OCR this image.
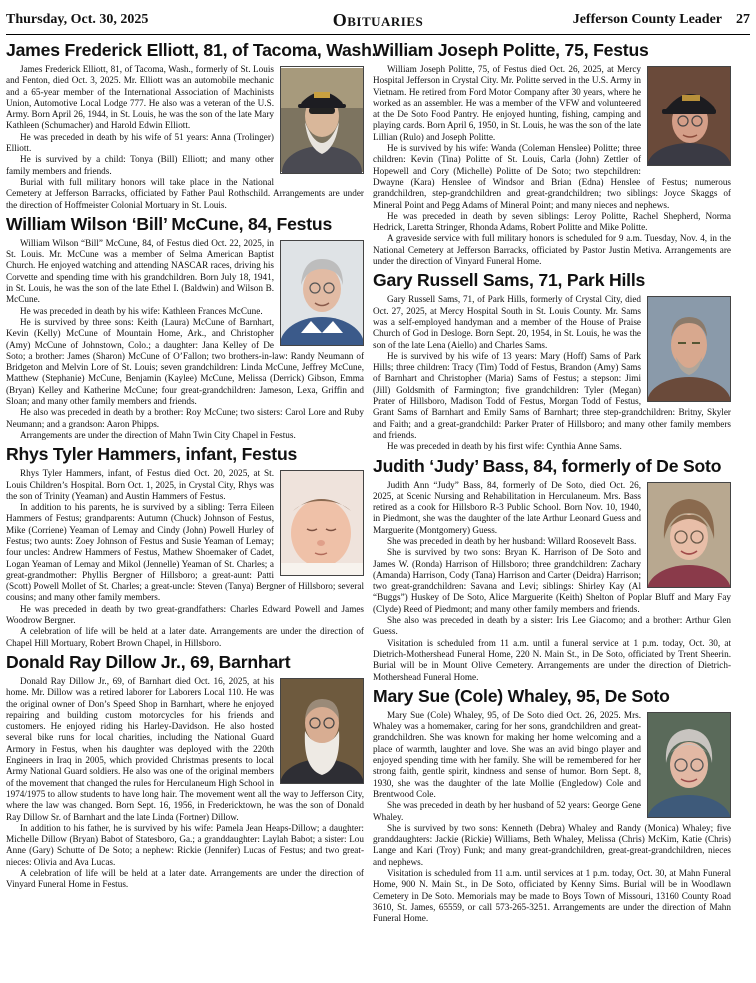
Thursday, Oct. 30, 2025	Obituaries	Jefferson County Leader 27
James Frederick Elliott, 81, of Tacoma, Wash.

James Frederick Elliott, 81, of Tacoma, Wash., formerly of St. Louis and Fenton, died Oct. 3, 2025. Mr. Elliott was an automobile mechanic and a 65-year member of the International Association of Machinists Union, Automotive Local Lodge 777. He also was a veteran of the U.S. Army. Born April 26, 1944, in St. Louis, he was the son of the late Mary Kathleen (Schumacher) and Harold Edwin Elliott.

He was preceded in death by his wife of 51 years: Anna (Trolinger) Elliott.

He is survived by a child: Tonya (Bill) Elliott; and many other family members and friends.

Burial with full military honors will take place in the National Cemetery at Jefferson Barracks, officiated by Father Paul Rothschild. Arrangements are under the direction of Hoffmeister Colonial Mortuary in St. Louis.

William Wilson ‘Bill’ McCune, 84, Festus

William Wilson “Bill” McCune, 84, of Festus died Oct. 22, 2025, in St. Louis. Mr. McCune was a member of Selma American Baptist Church. He enjoyed watching and attending NASCAR races, driving his Corvette and spending time with his grandchildren. Born July 18, 1941, in St. Louis, he was the son of the late Ethel I. (Baldwin) and Wilson B. McCune.

He was preceded in death by his wife: Kathleen Frances McCune.

He is survived by three sons: Keith (Laura) McCune of Barnhart, Kevin (Kelly) McCune of Mountain Home, Ark., and Christopher (Amy) McCune of Johnstown, Colo.; a daughter: Jana Kelley of De Soto; a brother: James (Sharon) McCune of O’Fallon; two brothers-in-law: Randy Neumann of Bridgeton and Melvin Lore of St. Louis; seven grandchildren: Linda McCune, Jeffrey McCune, Matthew (Stephanie) McCune, Benjamin (Kaylee) McCune, Melissa (Derrick) Gibson, Emma (Bryan) Kelley and Katherine McCune; four great-grandchildren: Jameson, Lexa, Griffin and Sloan; and many other family members and friends.

He also was preceded in death by a brother: Roy McCune; two sisters: Carol Lore and Ruby Neumann; and a grandson: Aaron Phipps.

Arrangements are under the direction of Mahn Twin City Chapel in Festus.

Rhys Tyler Hammers, infant, Festus

Rhys Tyler Hammers, infant, of Festus died Oct. 20, 2025, at St. Louis Children’s Hospital. Born Oct. 1, 2025, in Crystal City, Rhys was the son of Trinity (Yeaman) and Austin Hammers of Festus.

In addition to his parents, he is survived by a sibling: Terra Eileen Hammers of Festus; grandparents: Autumn (Chuck) Johnson of Festus, Mike (Corriene) Yeaman of Lemay and Cindy (John) Powell Hurley of Festus; two aunts: Zoey Johnson of Festus and Susie Yeaman of Lemay; four uncles: Andrew Hammers of Festus, Mathew Shoemaker of Cadet, Logan Yeaman of Lemay and Mikol (Jennelle) Yeaman of St. Charles; a great-grandmother: Phyllis Bergner of Hillsboro; a great-aunt: Patti (Scott) Powell Mollet of St. Charles; a great-uncle: Steven (Tanya) Bergner of Hillsboro; several cousins; and many other family members.

He was preceded in death by two great-grandfathers: Charles Edward Powell and James Woodrow Bergner.

A celebration of life will be held at a later date. Arrangements are under the direction of Chapel Hill Mortuary, Robert Brown Chapel, in Hillsboro.

Donald Ray Dillow Jr., 69, Barnhart

Donald Ray Dillow Jr., 69, of Barnhart died Oct. 16, 2025, at his home. Mr. Dillow was a retired laborer for Laborers Local 110. He was the original owner of Don’s Speed Shop in Barnhart, where he enjoyed repairing and building custom motorcycles for his friends and customers. He enjoyed riding his Harley-Davidson. He also hosted several bike runs for local charities, including the National Guard Armory in Festus, when his daughter was deployed with the 220th Engineers in Iraq in 2005, which provided Christmas presents to local Army National Guard soldiers. He also was one of the original members of the movement that changed the rules for Herculaneum High School in 1974/1975 to allow students to have long hair. The movement went all the way to Jefferson City, where the law was changed. Born Sept. 16, 1956, in Fredericktown, he was the son of Donald Ray Dillow Sr. of Barnhart and the late Linda (Fortner) Dillow.

In addition to his father, he is survived by his wife: Pamela Jean Heaps-Dillow; a daughter: Michelle Dillow (Bryan) Babot of Statesboro, Ga.; a granddaughter: Laylah Babot; a sister: Lou Anne (Gary) Schutte of De Soto; a nephew: Rickie (Jennifer) Lucas of Festus; and two great-nieces: Olivia and Ava Lucas.

A celebration of life will be held at a later date. Arrangements are under the direction of Vinyard Funeral Home in Festus.

William Joseph Politte, 75, Festus

William Joseph Politte, 75, of Festus died Oct. 26, 2025, at Mercy Hospital Jefferson in Crystal City. Mr. Politte served in the U.S. Army in Vietnam. He retired from Ford Motor Company after 30 years, where he worked as an assembler. He was a member of the VFW and volunteered at the De Soto Food Pantry. He enjoyed hunting, fishing, camping and playing cards. Born April 6, 1950, in St. Louis, he was the son of the late Lillian (Rulo) and Joseph Politte.

He is survived by his wife: Wanda (Coleman Henslee) Politte; three children: Kevin (Tina) Politte of St. Louis, Carla (John) Zettler of Hopewell and Cory (Michelle) Politte of De Soto; two stepchildren: Dwayne (Kara) Henslee of Windsor and Brian (Edna) Henslee of Festus; numerous grandchildren, step-grandchildren and great-grandchildren; two siblings: Joyce Skaggs of Mineral Point and Pegg Adams of Mineral Point; and many nieces and nephews.

He was preceded in death by seven siblings: Leroy Politte, Rachel Shepherd, Norma Hedrick, Laretta Stringer, Rhonda Adams, Robert Politte and Mike Politte.

A graveside service with full military honors is scheduled for 9 a.m. Tuesday, Nov. 4, in the National Cemetery at Jefferson Barracks, officiated by Pastor Justin Metiva. Arrangements are under the direction of Vinyard Funeral Home.

Gary Russell Sams, 71, Park Hills

Gary Russell Sams, 71, of Park Hills, formerly of Crystal City, died Oct. 27, 2025, at Mercy Hospital South in St. Louis County. Mr. Sams was a self-employed handyman and a member of the House of Praise Church of God in Desloge. Born Sept. 20, 1954, in St. Louis, he was the son of the late Lena (Aiello) and Charles Sams.

He is survived by his wife of 13 years: Mary (Hoff) Sams of Park Hills; three children: Tracy (Tim) Todd of Festus, Brandon (Amy) Sams of Barnhart and Christopher (Maria) Sams of Festus; a stepson: Jimi (Jill) Goldsmith of Farmington; five grandchildren: Tyler (Megan) Prater of Hillsboro, Madison Todd of Festus, Morgan Todd of Festus, Grant Sams of Barnhart and Emily Sams of Barnhart; three step-grandchildren: Britny, Skyler and Faith; and a great-grandchild: Parker Prater of Hillsboro; and many other family members and friends.

He was preceded in death by his first wife: Cynthia Anne Sams.

Judith ‘Judy’ Bass, 84, formerly of De Soto

Judith Ann “Judy” Bass, 84, formerly of De Soto, died Oct. 26, 2025, at Scenic Nursing and Rehabilitation in Herculaneum. Mrs. Bass retired as a cook for Hillsboro R-3 Public School. Born Nov. 10, 1940, in Piedmont, she was the daughter of the late Arthur Leonard Guess and Marguerite (Montgomery) Guess.

She was preceded in death by her husband: Willard Roosevelt Bass.

She is survived by two sons: Bryan K. Harrison of De Soto and James W. (Ronda) Harrison of Hillsboro; three grandchildren: Zachary (Amanda) Harrison, Cody (Tana) Harrison and Carter (Deidra) Harrison; two great-grandchildren: Savana and Levi; siblings: Shirley Kay (Al “Buggs”) Huskey of De Soto, Alice Marguerite (Keith) Shelton of Poplar Bluff and Mary Fay (Clyde) Reed of Piedmont; and many other family members and friends.

She also was preceded in death by a sister: Iris Lee Giacomo; and a brother: Arthur Glen Guess.

Visitation is scheduled from 11 a.m. until a funeral service at 1 p.m. today, Oct. 30, at Dietrich-Mothershead Funeral Home, 220 N. Main St., in De Soto, officiated by Trent Sheerin. Burial will be in Mount Olive Cemetery. Arrangements are under the direction of Dietrich-Mothershead Funeral Home.

Mary Sue (Cole) Whaley, 95, De Soto

Mary Sue (Cole) Whaley, 95, of De Soto died Oct. 26, 2025. Mrs. Whaley was a homemaker, caring for her sons, grandchildren and great-grandchildren. She was known for making her home welcoming and a place of warmth, laughter and love. She was an avid bingo player and enjoyed spending time with her family. She will be remembered for her strong faith, gentle spirit, kindness and sense of humor. Born Sept. 8, 1930, she was the daughter of the late Mollie (Engledow) Cole and Brentwood Cole.

She was preceded in death by her husband of 52 years: George Gene Whaley.

She is survived by two sons: Kenneth (Debra) Whaley and Randy (Monica) Whaley; five granddaughters: Jackie (Rickie) Williams, Beth Whaley, Melissa (Chris) McKim, Katie (Chris) Lange and Kari (Troy) Funk; and many great-grandchildren, great-great-grandchildren, nieces and nephews.

Visitation is scheduled from 11 a.m. until services at 1 p.m. today, Oct. 30, at Mahn Funeral Home, 900 N. Main St., in De Soto, officiated by Kenny Sims. Burial will be in Woodlawn Cemetery in De Soto. Memorials may be made to Boys Town of Missouri, 13160 County Road 3610, St. James, 65559, or call 573-265-3251. Arrangements are under the direction of Mahn Funeral Home.
